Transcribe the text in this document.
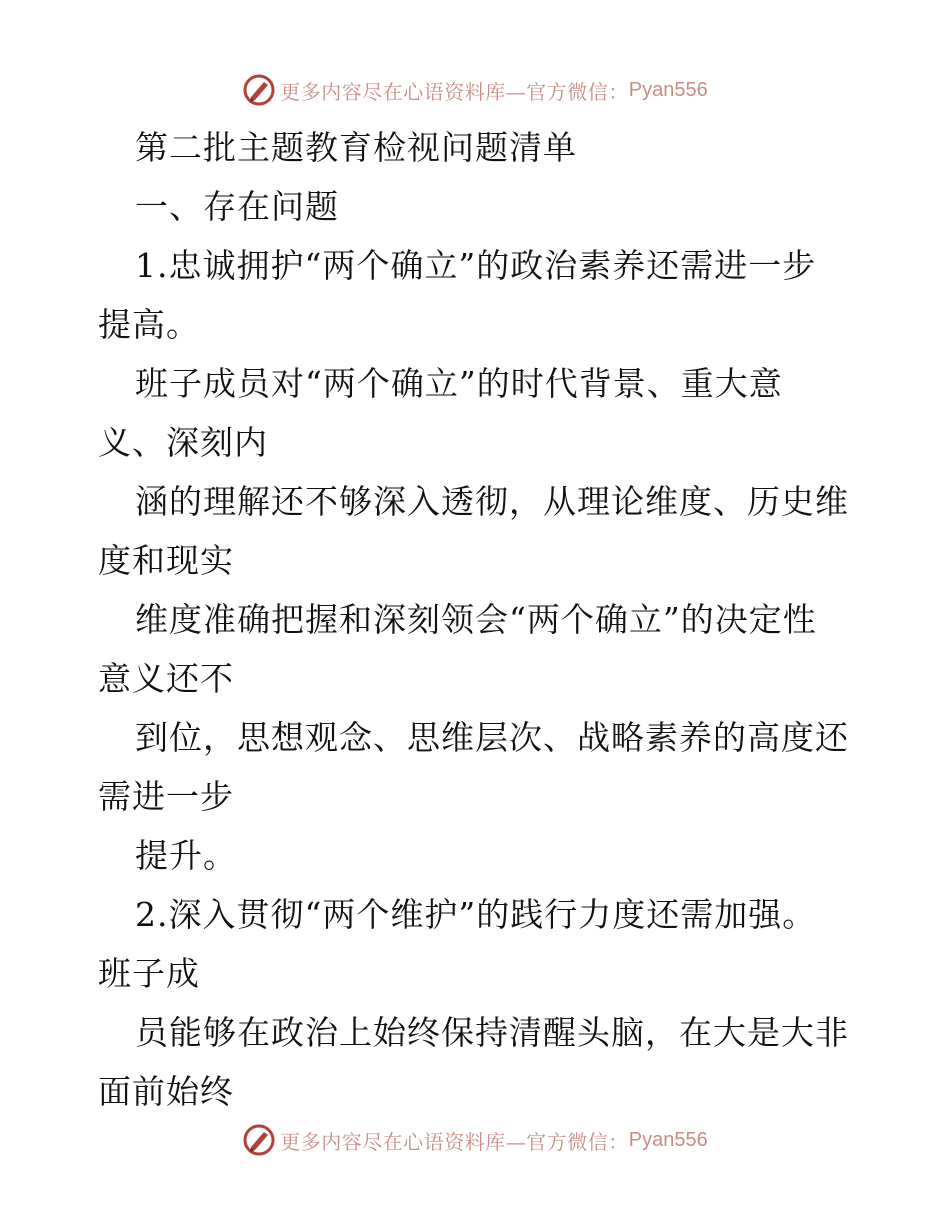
更多内容尽在心语资料库—官方微信： Pyan556
第二批主题教育检视问题清单
一、存在问题
1.忠诚拥护“两个确立”的政治素养还需进一步
提高。
班子成员对“两个确立”的时代背景、重大意
义、深刻内
涵的理解还不够深入透彻，从理论维度、历史维
度和现实
维度准确把握和深刻领会“两个确立”的决定性
意义还不
到位，思想观念、思维层次、战略素养的高度还
需进一步
提升。
2.深入贯彻“两个维护”的践行力度还需加强。
班子成
员能够在政治上始终保持清醒头脑，在大是大非
面前始终
更多内容尽在心语资料库—官方微信： Pyan556
